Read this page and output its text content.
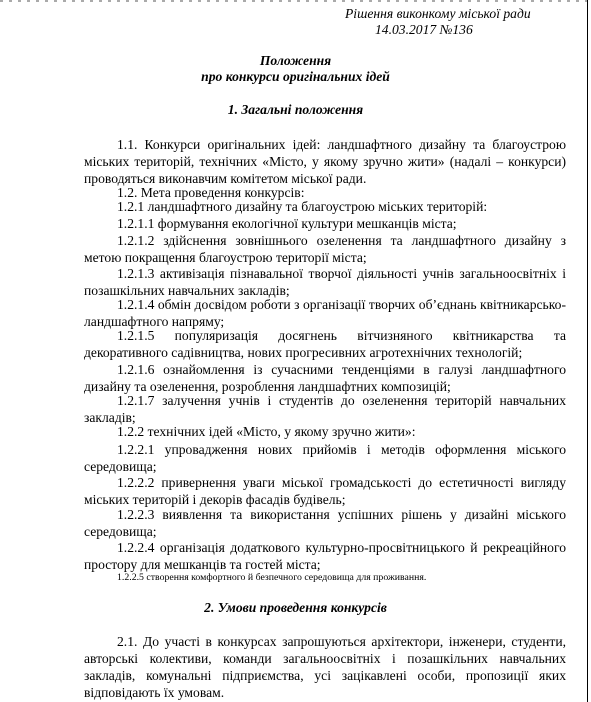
Рішення виконкому міської ради
14.03.2017 №136
Положення
про конкурси оригінальних ідей
1. Загальні положення
1.1. Конкурси оригінальних ідей: ландшафтного дизайну та благоустрою міських територій, технічних «Місто, у якому зручно жити» (надалі – конкурси) проводяться виконавчим комітетом міської ради.
1.2. Мета проведення конкурсів:
1.2.1 ландшафтного дизайну та благоустрою міських територій:
1.2.1.1 формування екологічної культури мешканців міста;
1.2.1.2 здійснення зовнішнього озеленення та ландшафтного дизайну з метою покращення благоустрою території міста;
1.2.1.3 активізація пізнавальної творчої діяльності учнів загальноосвітніх і позашкільних навчальних закладів;
1.2.1.4 обмін досвідом роботи з організації творчих об’єднань квітникарсько-ландшафтного напряму;
1.2.1.5 популяризація досягнень вітчизняного квітникарства та декоративного садівництва, нових прогресивних агротехнічних технологій;
1.2.1.6 ознайомлення із сучасними тенденціями в галузі ландшафтного дизайну та озеленення, розроблення ландшафтних композицій;
1.2.1.7 залучення учнів і студентів до озеленення територій навчальних закладів;
1.2.2 технічних ідей «Місто, у якому зручно жити»:
1.2.2.1 упровадження нових прийомів і методів оформлення міського середовища;
1.2.2.2 привернення уваги міської громадськості до естетичності вигляду міських територій і декорів фасадів будівель;
1.2.2.3 виявлення та використання успішних рішень у дизайні міського середовища;
1.2.2.4 організація додаткового культурно-просвітницького й рекреаційного простору для мешканців та гостей міста;
1.2.2.5 створення комфортного й безпечного середовища для проживання.
2. Умови проведення конкурсів
2.1. До участі в конкурсах запрошуються архітектори, інженери, студенти, авторські колективи, команди загальноосвітніх і позашкільних навчальних закладів, комунальні підприємства, усі зацікавлені особи, пропозиції яких відповідають їх умовам.
